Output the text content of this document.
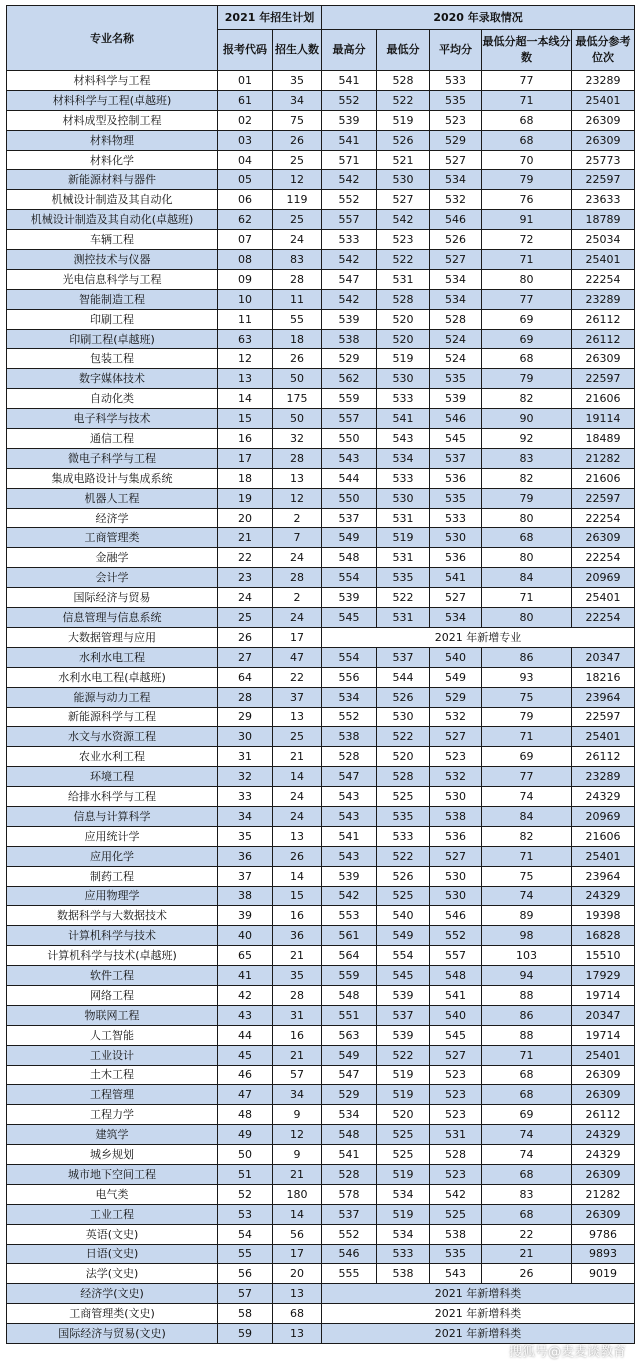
专业名称	2021 年招生计划		2020 年录取情况				
	报考代码	招生人数	最高分	最低分	平均分	最低分超一本线分数	最低分参考位次
材料科学与工程	01	35	541	528	533	77	23289
材料科学与工程(卓越班)	61	34	552	522	535	71	25401
材料成型及控制工程	02	75	539	519	523	68	26309
材料物理	03	26	541	526	529	68	26309
材料化学	04	25	571	521	527	70	25773
新能源材料与器件	05	12	542	530	534	79	22597
机械设计制造及其自动化	06	119	552	527	532	76	23633
机械设计制造及其自动化(卓越班)	62	25	557	542	546	91	18789
车辆工程	07	24	533	523	526	72	25034
测控技术与仪器	08	83	542	522	527	71	25401
光电信息科学与工程	09	28	547	531	534	80	22254
智能制造工程	10	11	542	528	534	77	23289
印刷工程	11	55	539	520	528	69	26112
印刷工程(卓越班)	63	18	538	520	524	69	26112
包装工程	12	26	529	519	524	68	26309
数字媒体技术	13	50	562	530	535	79	22597
自动化类	14	175	559	533	539	82	21606
电子科学与技术	15	50	557	541	546	90	19114
通信工程	16	32	550	543	545	92	18489
微电子科学与工程	17	28	543	534	537	83	21282
集成电路设计与集成系统	18	13	544	533	536	82	21606
机器人工程	19	12	550	530	535	79	22597
经济学	20	2	537	531	533	80	22254
工商管理类	21	7	549	519	530	68	26309
金融学	22	24	548	531	536	80	22254
会计学	23	28	554	535	541	84	20969
国际经济与贸易	24	2	539	522	527	71	25401
信息管理与信息系统	25	24	545	531	534	80	22254
大数据管理与应用	26	17	2021 年新增专业				
水利水电工程	27	47	554	537	540	86	20347
水利水电工程(卓越班)	64	22	556	544	549	93	18216
能源与动力工程	28	37	534	526	529	75	23964
新能源科学与工程	29	13	552	530	532	79	22597
水文与水资源工程	30	25	538	522	527	71	25401
农业水利工程	31	21	528	520	523	69	26112
环境工程	32	14	547	528	532	77	23289
给排水科学与工程	33	24	543	525	530	74	24329
信息与计算科学	34	24	543	535	538	84	20969
应用统计学	35	13	541	533	536	82	21606
应用化学	36	26	543	522	527	71	25401
制药工程	37	14	539	526	530	75	23964
应用物理学	38	15	542	525	530	74	24329
数据科学与大数据技术	39	16	553	540	546	89	19398
计算机科学与技术	40	36	561	549	552	98	16828
计算机科学与技术(卓越班)	65	21	564	554	557	103	15510
软件工程	41	35	559	545	548	94	17929
网络工程	42	28	548	539	541	88	19714
物联网工程	43	31	551	537	540	86	20347
人工智能	44	16	563	539	545	88	19714
工业设计	45	21	549	522	527	71	25401
土木工程	46	57	547	519	523	68	26309
工程管理	47	34	529	519	523	68	26309
工程力学	48	9	534	520	523	69	26112
建筑学	49	12	548	525	531	74	24329
城乡规划	50	9	541	525	528	74	24329
城市地下空间工程	51	21	528	519	523	68	26309
电气类	52	180	578	534	542	83	21282
工业工程	53	14	537	519	525	68	26309
英语(文史)	54	56	552	534	538	22	9786
日语(文史)	55	17	546	533	535	21	9893
法学(文史)	56	20	555	538	543	26	9019
经济学(文史)	57	13	2021 年新增科类				
工商管理类(文史)	58	68	2021 年新增科类				
国际经济与贸易(文史)	59	13	2021 年新增科类				
搜狐号@麦麦谈教育
